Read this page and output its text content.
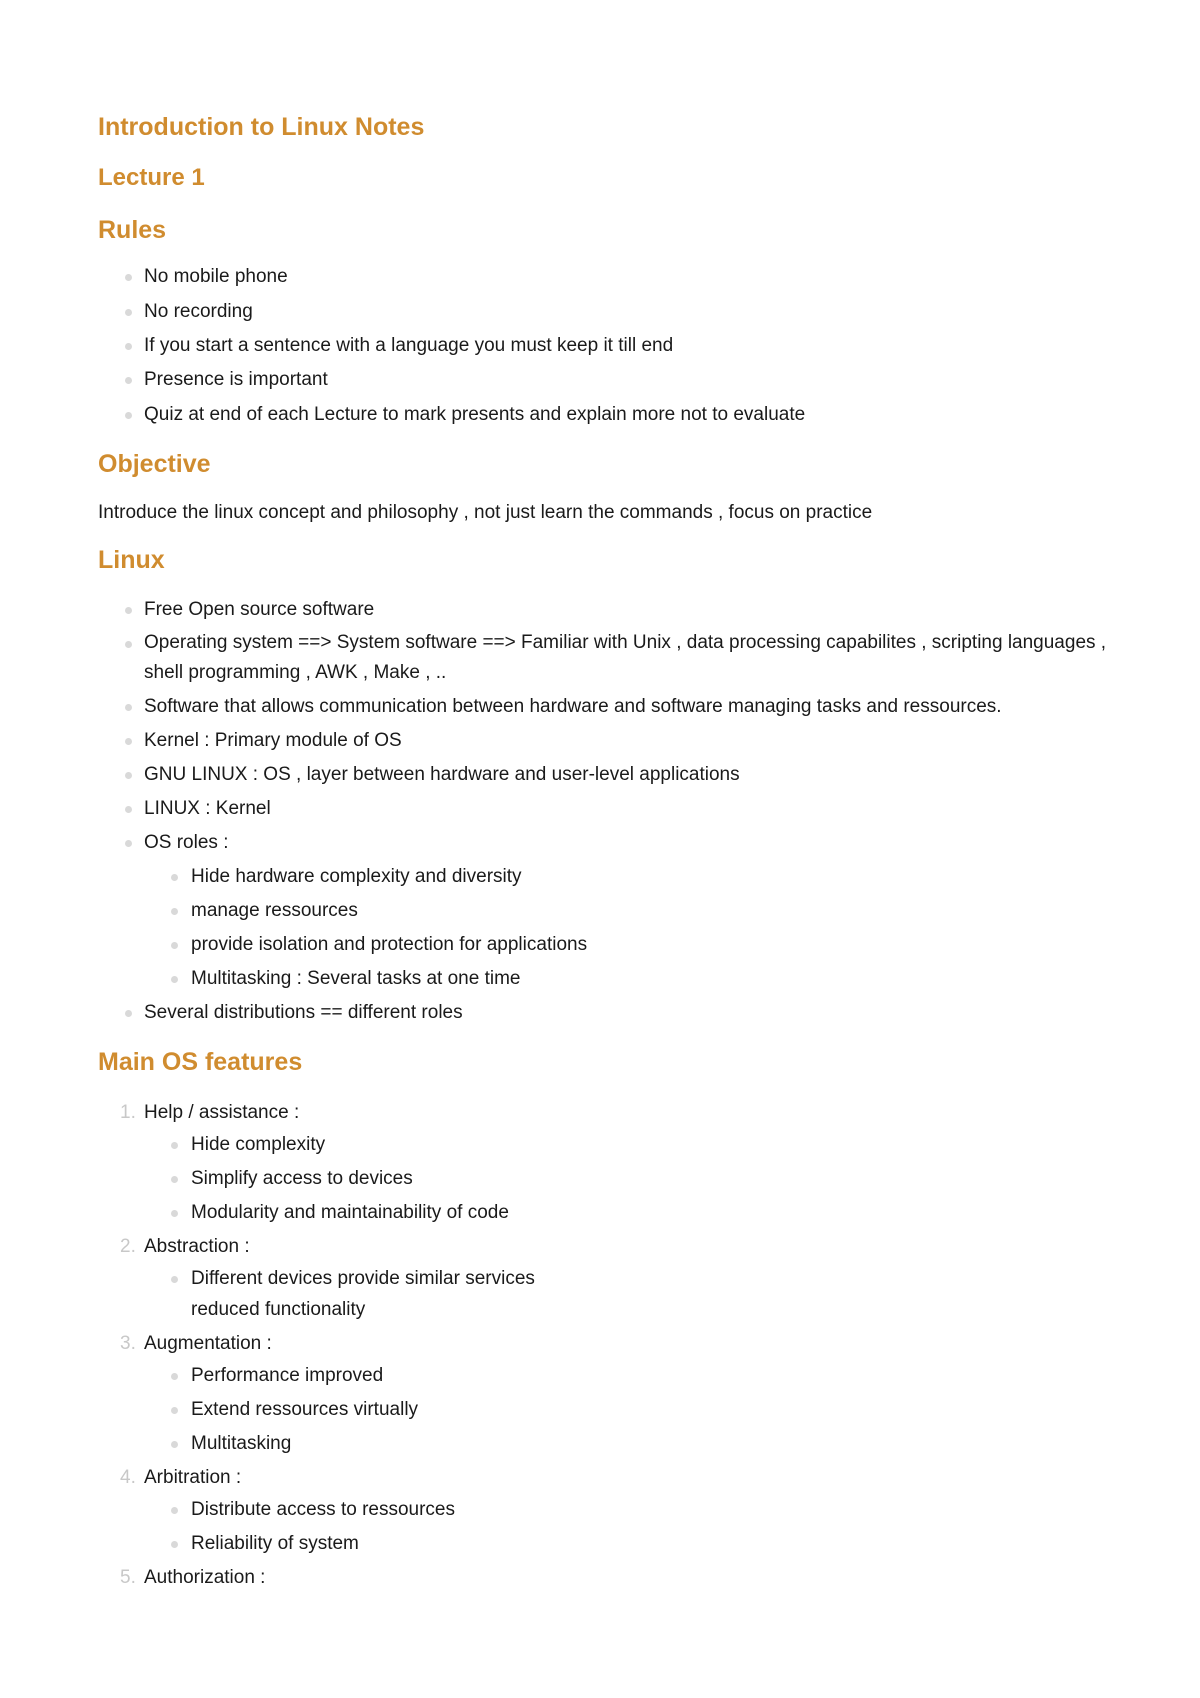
Introduction to Linux Notes
Lecture 1
Rules
No mobile phone
No recording
If you start a sentence with a language you must keep it till end
Presence is important
Quiz at end of each Lecture to mark presents and explain more not to evaluate
Objective

Introduce the linux concept and philosophy , not just learn the commands , focus on practice

Linux
Free Open source software
Operating system ==> System software ==> Familiar with Unix , data processing capabilites , scripting languages , shell programming , AWK , Make , ..
Software that allows communication between hardware and software managing tasks and ressources.
Kernel : Primary module of OS
GNU LINUX : OS , layer between hardware and user-level applications
LINUX : Kernel
OS roles :
Hide hardware complexity and diversity
manage ressources
provide isolation and protection for applications
Multitasking : Several tasks at one time
Several distributions == different roles
Main OS features
1. Help / assistance :
Hide complexity
Simplify access to devices
Modularity and maintainability of code
2. Abstraction :
Different devices provide similar services reduced functionality
3. Augmentation :
Performance improved
Extend ressources virtually
Multitasking
4. Arbitration :
Distribute access to ressources
Reliability of system
5. Authorization :
